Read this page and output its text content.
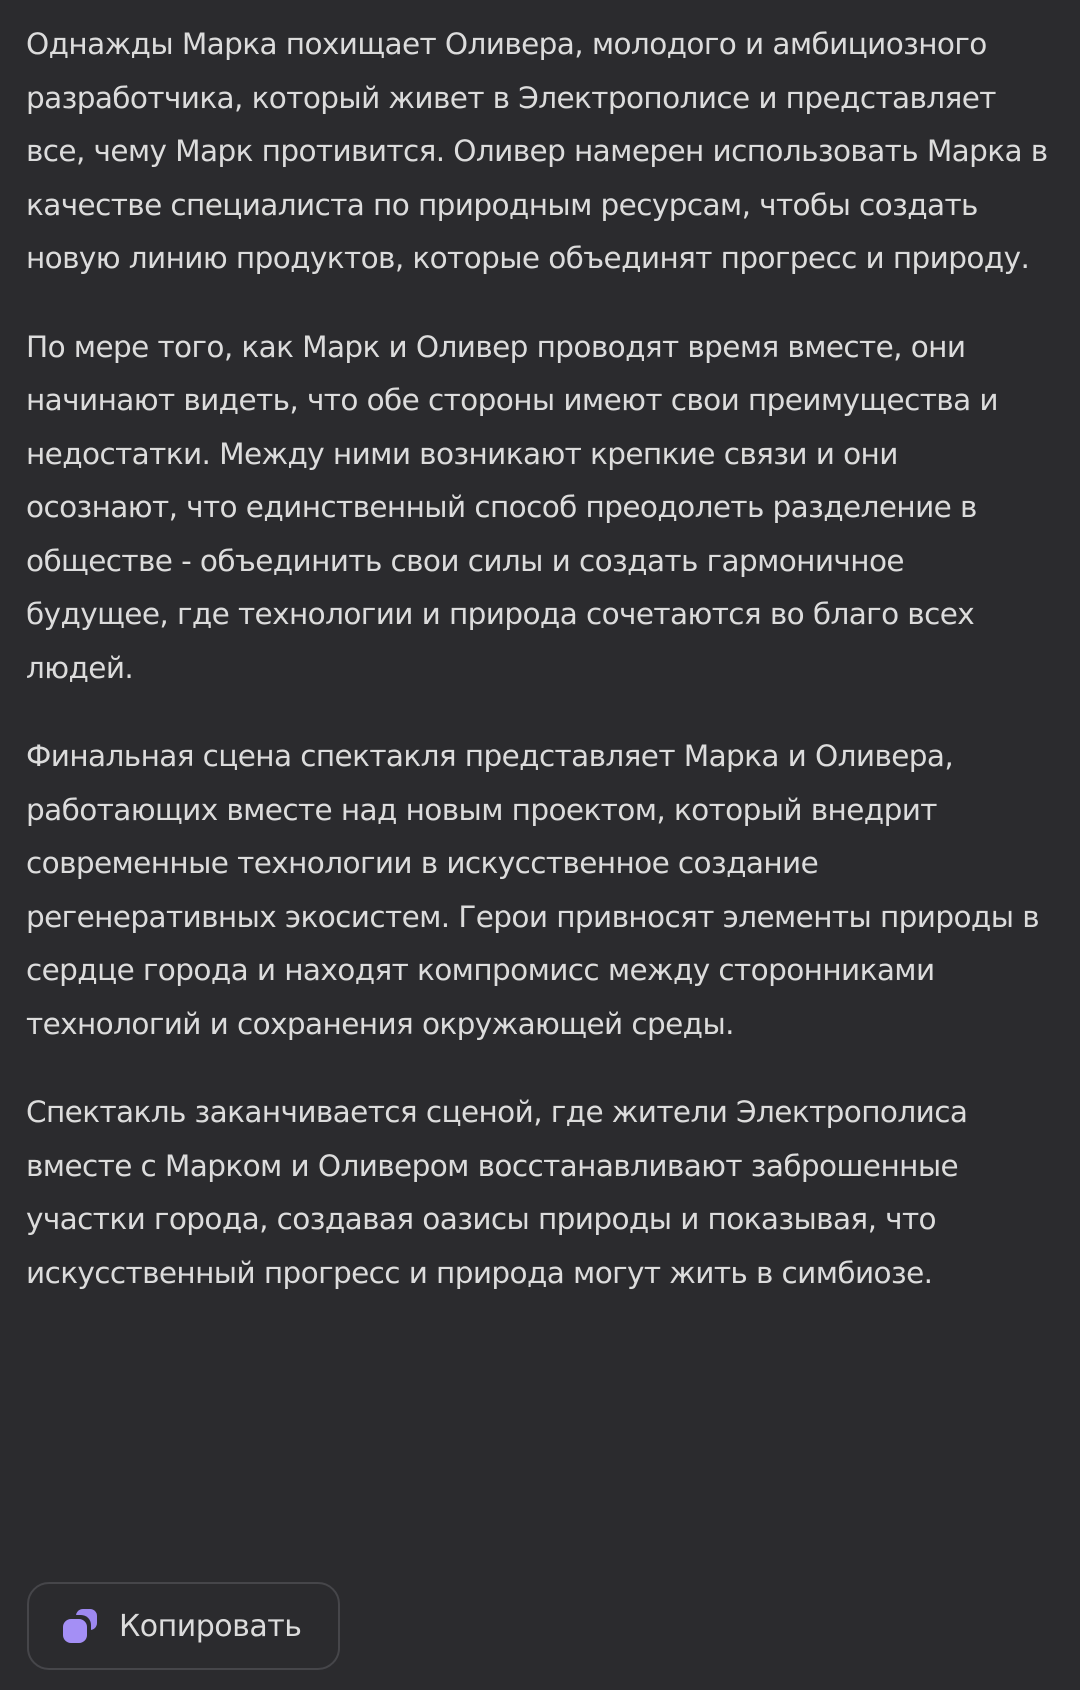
Однажды Марка похищает Оливера, молодого и амбициозного разработчика, который живет в Электрополисе и представляет все, чему Марк противится. Оливер намерен использовать Марка в качестве специалиста по природным ресурсам, чтобы создать новую линию продуктов, которые объединят прогресс и природу.

По мере того, как Марк и Оливер проводят время вместе, они начинают видеть, что обе стороны имеют свои преимущества и недостатки. Между ними возникают крепкие связи и они осознают, что единственный способ преодолеть разделение в обществе - объединить свои силы и создать гармоничное будущее, где технологии и природа сочетаются во благо всех людей.

Финальная сцена спектакля представляет Марка и Оливера, работающих вместе над новым проектом, который внедрит современные технологии в искусственное создание регенеративных экосистем. Герои привносят элементы природы в сердце города и находят компромисс между сторонниками технологий и сохранения окружающей среды.

Спектакль заканчивается сценой, где жители Электрополиса вместе с Марком и Оливером восстанавливают заброшенные участки города, создавая оазисы природы и показывая, что искусственный прогресс и природа могут жить в симбиозе.

Копировать
